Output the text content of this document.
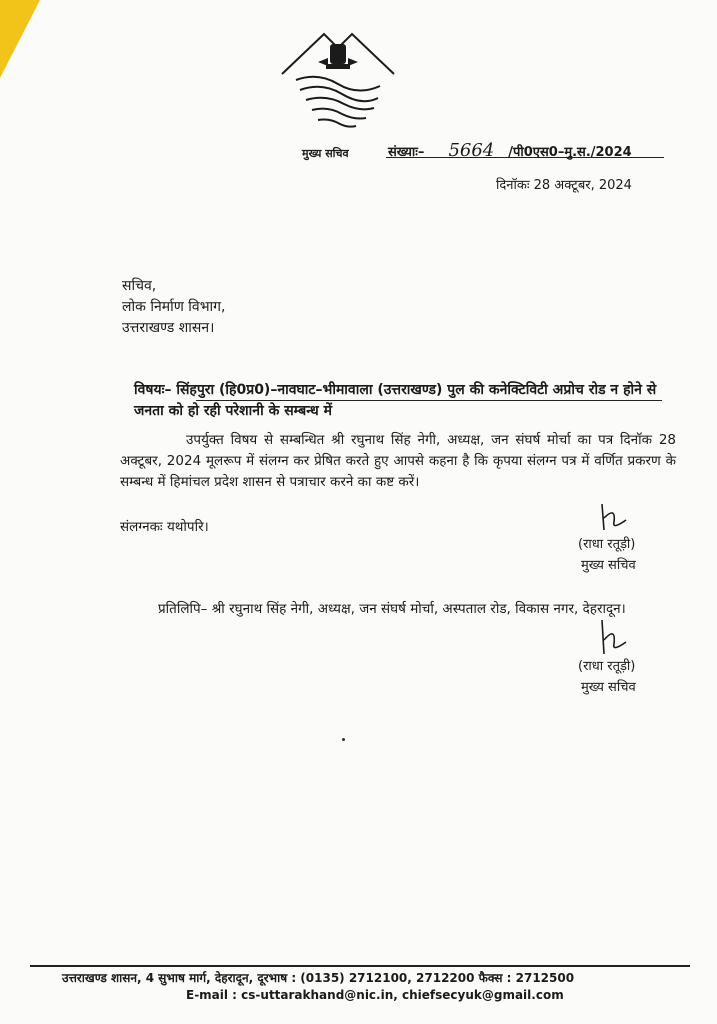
मुख्य सचिव	संख्याः– 5664 /पी0एस0–मु.स./2024
दिनॉकः 28 अक्टूबर, 2024
सचिव,
लोक निर्माण विभाग,
उत्तराखण्ड शासन।
विषयः– सिंहपुरा (हि0प्र0)–नावघाट–भीमावाला (उत्तराखण्ड) पुल की कनेक्टिविटी अप्रोच रोड न होने से जनता को हो रही परेशानी के सम्बन्ध में
उपर्युक्त विषय से सम्बन्धित श्री रघुनाथ सिंह नेगी, अध्यक्ष, जन संघर्ष मोर्चा का पत्र दिनॉक 28 अक्टूबर, 2024 मूलरूप में संलग्न कर प्रेषित करते हुए आपसे कहना है कि कृपया संलग्न पत्र में वर्णित प्रकरण के सम्बन्ध में हिमांचल प्रदेश शासन से पत्राचार करने का कष्ट करें।
संलग्नकः यथोपरि।
(राधा रतूड़ी)
मुख्य सचिव
प्रतिलिपि– श्री रघुनाथ सिंह नेगी, अध्यक्ष, जन संघर्ष मोर्चा, अस्पताल रोड, विकास नगर, देहरादून।
(राधा रतूड़ी)
मुख्य सचिव
उत्तराखण्ड शासन, 4 सुभाष मार्ग, देहरादून, दूरभाष : (0135) 2712100, 2712200 फैक्स : 2712500
E-mail : cs-uttarakhand@nic.in, chiefsecyuk@gmail.com
